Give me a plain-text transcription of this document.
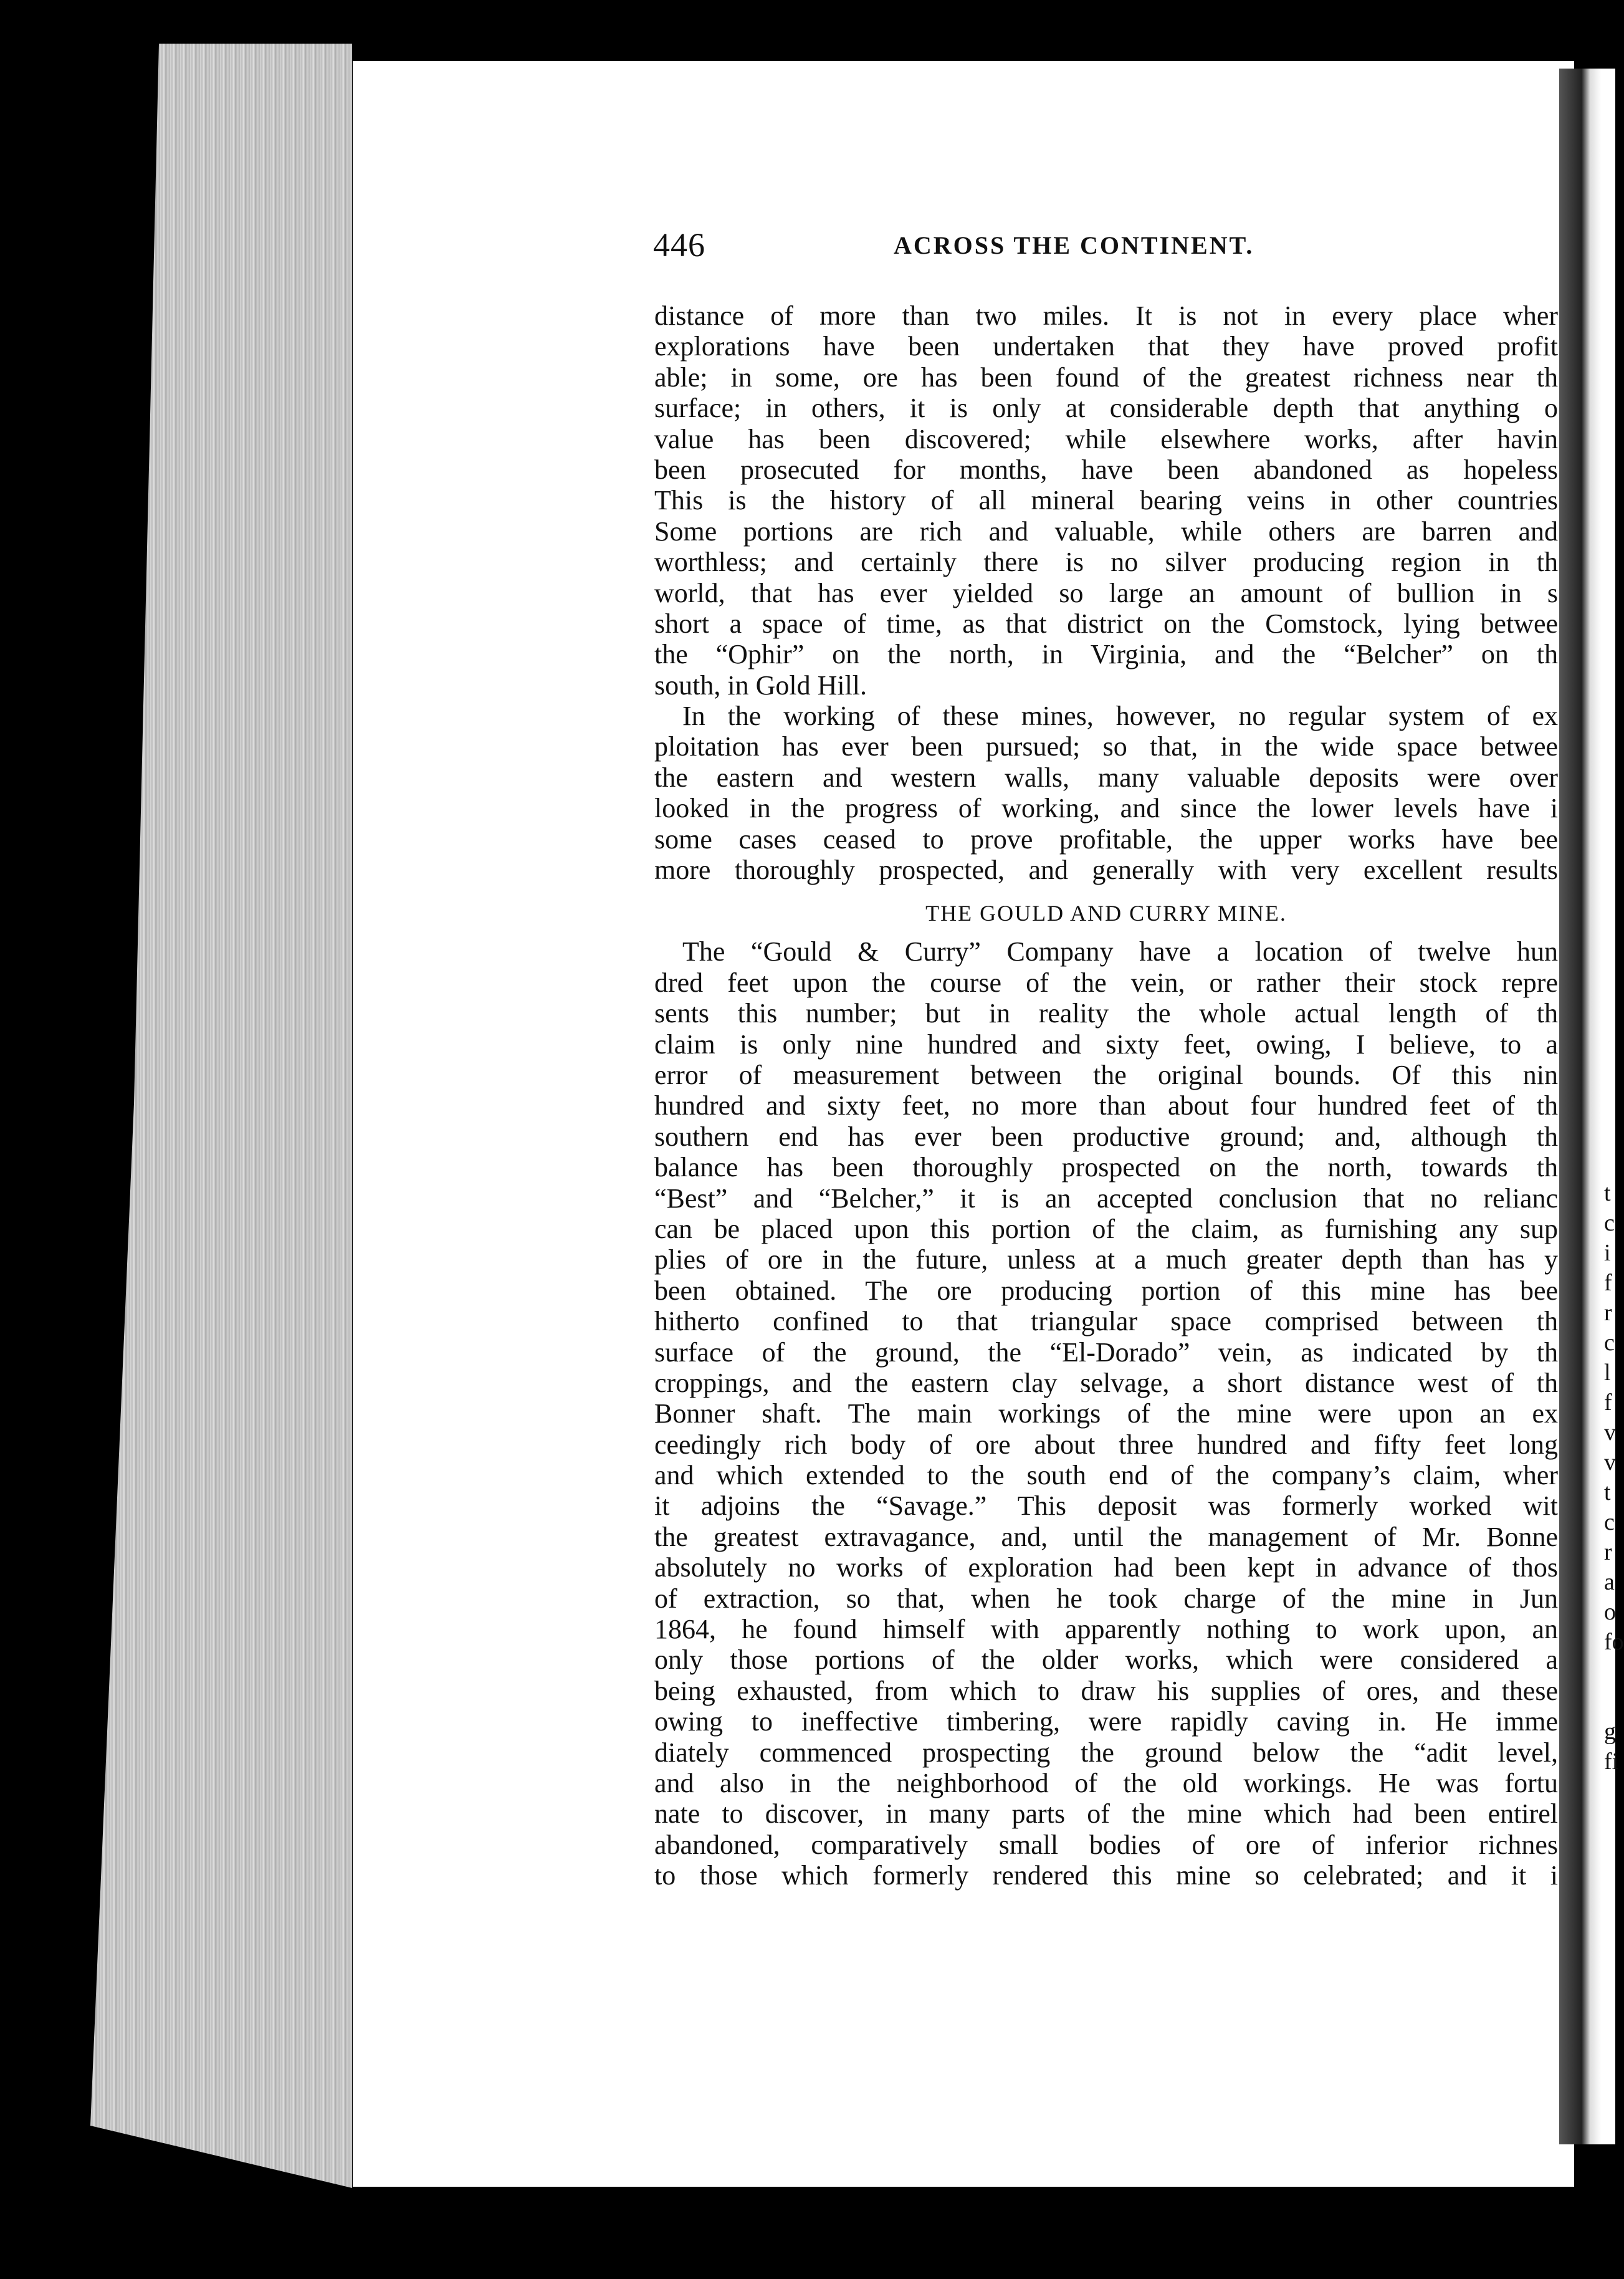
t
c
i
f
r
c
l
f
v
v
t
c
r
a
o
fo

g
fi
446	ACROSS THE CONTINENT.
distance of more than two miles. It is not in every place wher
explorations have been undertaken that they have proved profit
able; in some, ore has been found of the greatest richness near th
surface; in others, it is only at considerable depth that anything o
value has been discovered; while elsewhere works, after havin
been prosecuted for months, have been abandoned as hopeless
This is the history of all mineral bearing veins in other countries
Some portions are rich and valuable, while others are barren and
worthless; and certainly there is no silver producing region in th
world, that has ever yielded so large an amount of bullion in s
short a space of time, as that district on the Comstock, lying betwee
the “Ophir” on the north, in Virginia, and the “Belcher” on th
south, in Gold Hill.
In the working of these mines, however, no regular system of ex
ploitation has ever been pursued; so that, in the wide space betwee
the eastern and western walls, many valuable deposits were over
looked in the progress of working, and since the lower levels have i
some cases ceased to prove profitable, the upper works have bee
more thoroughly prospected, and generally with very excellent results
THE GOULD AND CURRY MINE.
The “Gould & Curry” Company have a location of twelve hun
dred feet upon the course of the vein, or rather their stock repre
sents this number; but in reality the whole actual length of th
claim is only nine hundred and sixty feet, owing, I believe, to a
error of measurement between the original bounds. Of this nin
hundred and sixty feet, no more than about four hundred feet of th
southern end has ever been productive ground; and, although th
balance has been thoroughly prospected on the north, towards th
“Best” and “Belcher,” it is an accepted conclusion that no relianc
can be placed upon this portion of the claim, as furnishing any sup
plies of ore in the future, unless at a much greater depth than has y
been obtained. The ore producing portion of this mine has bee
hitherto confined to that triangular space comprised between th
surface of the ground, the “El-Dorado” vein, as indicated by th
croppings, and the eastern clay selvage, a short distance west of th
Bonner shaft. The main workings of the mine were upon an ex
ceedingly rich body of ore about three hundred and fifty feet long
and which extended to the south end of the company’s claim, wher
it adjoins the “Savage.” This deposit was formerly worked wit
the greatest extravagance, and, until the management of Mr. Bonne
absolutely no works of exploration had been kept in advance of thos
of extraction, so that, when he took charge of the mine in Jun
1864, he found himself with apparently nothing to work upon, an
only those portions of the older works, which were considered a
being exhausted, from which to draw his supplies of ores, and these
owing to ineffective timbering, were rapidly caving in. He imme
diately commenced prospecting the ground below the “adit level,
and also in the neighborhood of the old workings. He was fortu
nate to discover, in many parts of the mine which had been entirel
abandoned, comparatively small bodies of ore of inferior richnes
to those which formerly rendered this mine so celebrated; and it i
